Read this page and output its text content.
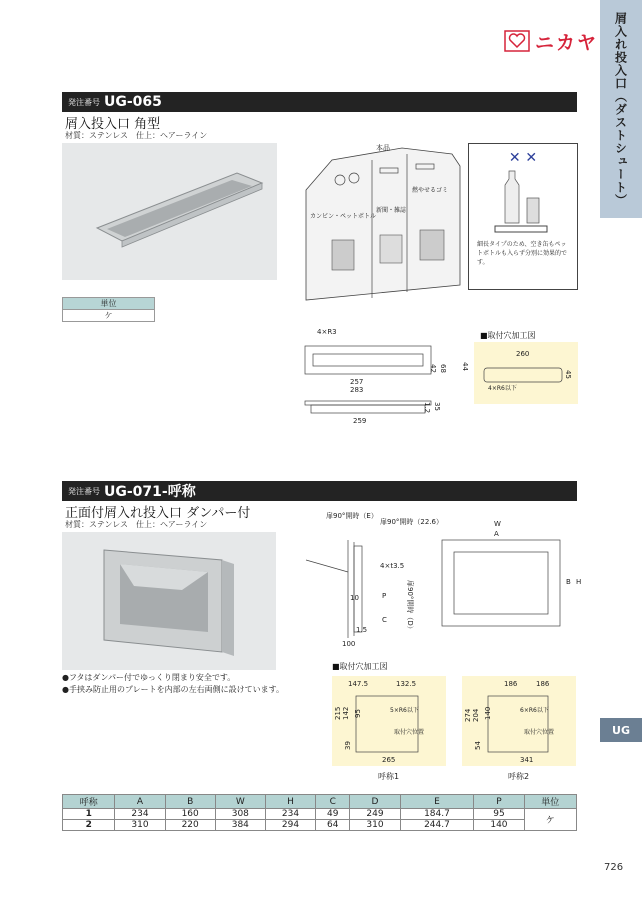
屑入れ投入口（ダストシュート）
UG
ニカヤ
発注番号 UG-065
屑入投入口 角型
材質：ステンレス　仕上：ヘアーライン
単位
ケ
本品
カンビン・ペットボトル
新聞・雑誌
燃やせるゴミ
✕ ✕
細長タイプのため、空き缶もペットボトルも入らず分別に効果的です。
4×R3
257
283
42 68 44
259
1.2 35
■取付穴加工図
260
4×R6以下
45
発注番号 UG-071-呼称
正面付屑入れ投入口 ダンパー付
材質：ステンレス　仕上：ヘアーライン
●フタはダンパー付でゆっくり閉まり安全です。
●手挟み防止用のプレートを内部の左右両側に設けています。
扉90°開時（E）
扉90°開時（22.6）
4×t3.5
扉90°開時（D）
P
C
10
1.5
100
W
A
B H
■取付穴加工図
147.5	132.5
5×R6以下
取付穴位置
265
215 142 95
39
呼称1
186	186
6×R6以下
取付穴位置
341
274 204 140
54
呼称2
呼称	A	B	W	H	C	D	E	P	単位
1	234	160	308	234	49	249	184.7	95	ケ
2	310	220	384	294	64	310	244.7	140	
726
